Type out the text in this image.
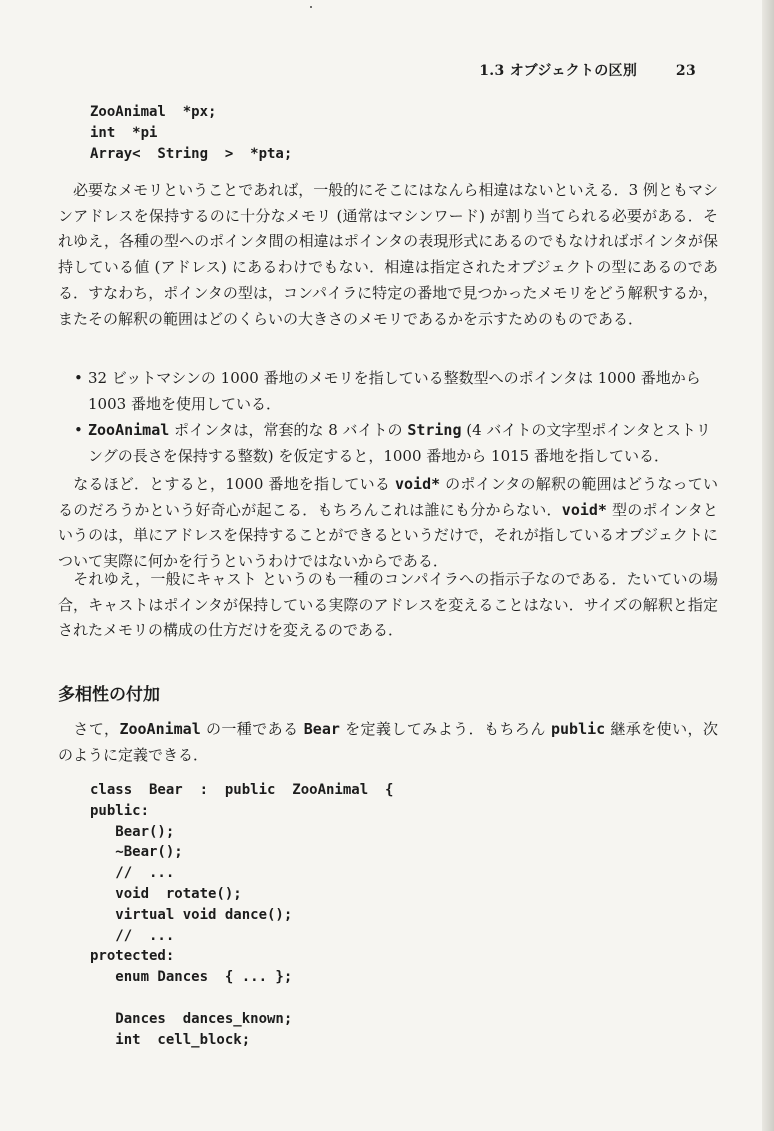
1.3 オブジェクトの区別	23
ZooAnimal  *px;
int  *pi
Array<  String  >  *pta;

必要なメモリということであれば，一般的にそこにはなんら相違はないといえる．3 例ともマシンアドレスを保持するのに十分なメモリ (通常はマシンワード) が割り当てられる必要がある．それゆえ，各種の型へのポインタ間の相違はポインタの表現形式にあるのでもなければポインタが保持している値 (アドレス) にあるわけでもない．相違は指定されたオブジェクトの型にあるのである．すなわち，ポインタの型は，コンパイラに特定の番地で見つかったメモリをどう解釈するか，またその解釈の範囲はどのくらいの大きさのメモリであるかを示すためのものである．

• 32 ビットマシンの 1000 番地のメモリを指している整数型へのポインタは 1000 番地から 1003 番地を使用している．
• ZooAnimal ポインタは，常套的な 8 バイトの String (4 バイトの文字型ポインタとストリングの長さを保持する整数) を仮定すると，1000 番地から 1015 番地を指している．

なるほど．とすると，1000 番地を指している void* のポインタの解釈の範囲はどうなっているのだろうかという好奇心が起こる．もちろんこれは誰にも分からない．void* 型のポインタというのは，単にアドレスを保持することができるというだけで，それが指しているオブジェクトについて実際に何かを行うというわけではないからである．

それゆえ，一般にキャスト というのも一種のコンパイラへの指示子なのである．たいていの場合，キャストはポインタが保持している実際のアドレスを変えることはない．サイズの解釈と指定されたメモリの構成の仕方だけを変えるのである．

多相性の付加

さて，ZooAnimal の一種である Bear を定義してみよう．もちろん public 継承を使い，次のように定義できる．

class  Bear  :  public  ZooAnimal  {
public:
Bear();
~Bear();
//  ...
void  rotate();
virtual void dance();
//  ...
protected:
enum Dances  { ... };

Dances  dances_known;
int  cell_block;
